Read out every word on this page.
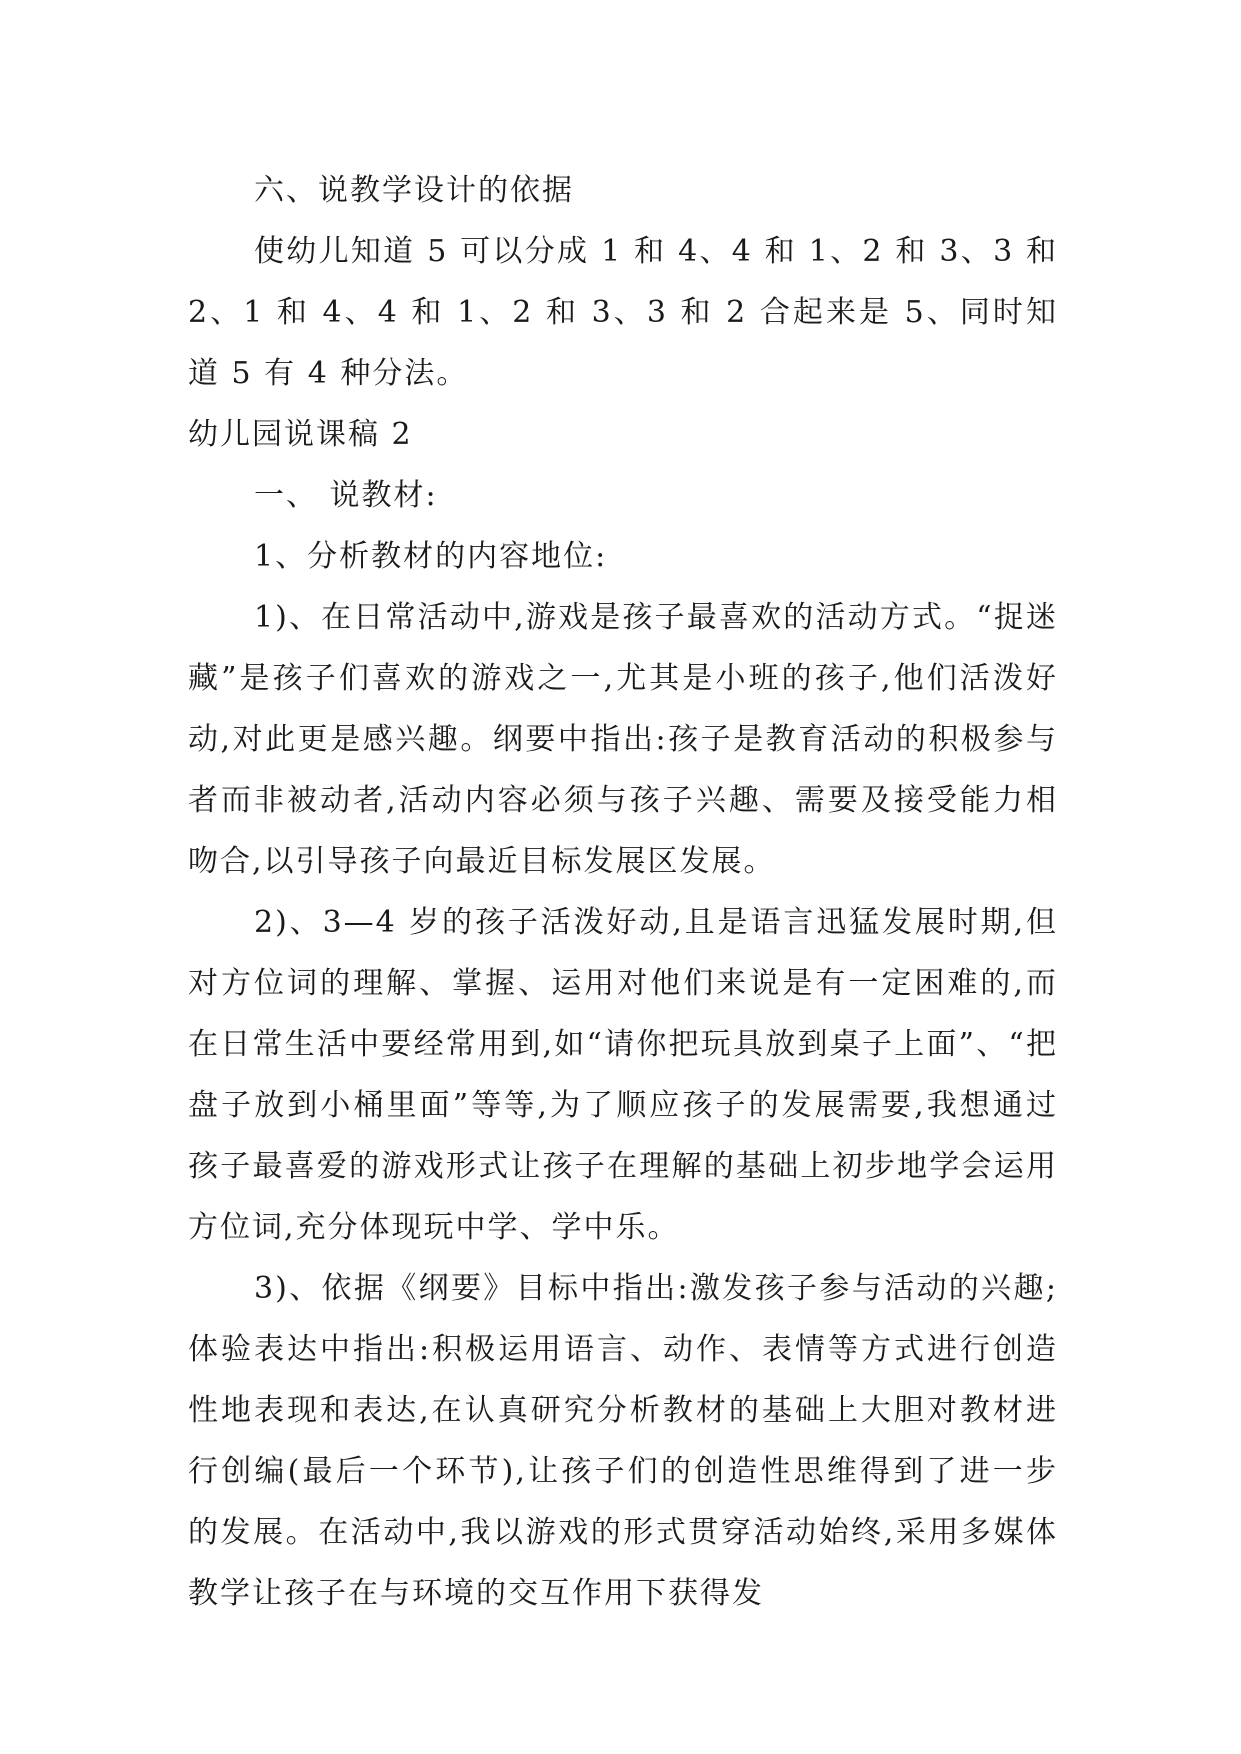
六、说教学设计的依据

使幼儿知道 5 可以分成 1 和 4、4 和 1、2 和 3、3 和 2、1 和 4、4 和 1、2 和 3、3 和 2 合起来是 5、同时知道 5 有 4 种分法。

幼儿园说课稿 2

一、 说教材:

1、分析教材的内容地位:

1)、在日常活动中,游戏是孩子最喜欢的活动方式。“捉迷藏”是孩子们喜欢的游戏之一,尤其是小班的孩子,他们活泼好动,对此更是感兴趣。纲要中指出:孩子是教育活动的积极参与者而非被动者,活动内容必须与孩子兴趣、需要及接受能力相吻合,以引导孩子向最近目标发展区发展。

2)、3—4 岁的孩子活泼好动,且是语言迅猛发展时期,但对方位词的理解、掌握、运用对他们来说是有一定困难的,而在日常生活中要经常用到,如“请你把玩具放到桌子上面”、“把盘子放到小桶里面”等等,为了顺应孩子的发展需要,我想通过孩子最喜爱的游戏形式让孩子在理解的基础上初步地学会运用方位词,充分体现玩中学、学中乐。

3)、依据《纲要》目标中指出:激发孩子参与活动的兴趣;体验表达中指出:积极运用语言、动作、表情等方式进行创造性地表现和表达,在认真研究分析教材的基础上大胆对教材进行创编(最后一个环节),让孩子们的创造性思维得到了进一步的发展。在活动中,我以游戏的形式贯穿活动始终,采用多媒体教学让孩子在与环境的交互作用下获得发
